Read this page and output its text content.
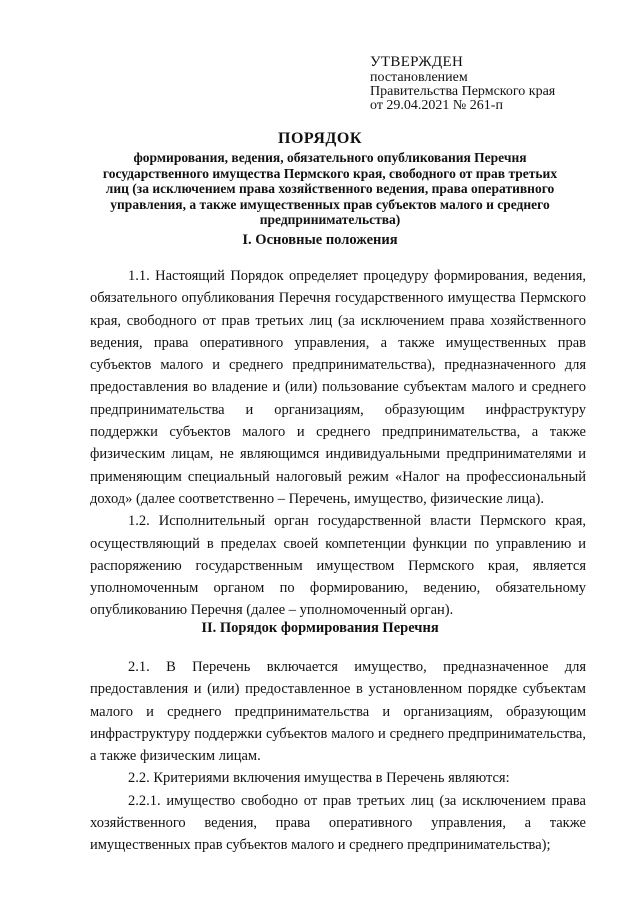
УТВЕРЖДЕН
постановлением
Правительства Пермского края
от 29.04.2021 № 261-п
ПОРЯДОК
формирования, ведения, обязательного опубликования Перечня государственного имущества Пермского края, свободного от прав третьих лиц (за исключением права хозяйственного ведения, права оперативного управления, а также имущественных прав субъектов малого и среднего предпринимательства)
I. Основные положения

1.1. Настоящий Порядок определяет процедуру формирования, ведения, обязательного опубликования Перечня государственного имущества Пермского края, свободного от прав третьих лиц (за исключением права хозяйственного ведения, права оперативного управления, а также имущественных прав субъектов малого и среднего предпринимательства), предназначенного для предоставления во владение и (или) пользование субъектам малого и среднего предпринимательства и организациям, образующим инфраструктуру поддержки субъектов малого и среднего предпринимательства, а также физическим лицам, не являющимся индивидуальными предпринимателями и применяющим специальный налоговый режим «Налог на профессиональный доход» (далее соответственно – Перечень, имущество, физические лица).

1.2. Исполнительный орган государственной власти Пермского края, осуществляющий в пределах своей компетенции функции по управлению и распоряжению государственным имуществом Пермского края, является уполномоченным органом по формированию, ведению, обязательному опубликованию Перечня (далее – уполномоченный орган).

II. Порядок формирования Перечня

2.1. В Перечень включается имущество, предназначенное для предоставления и (или) предоставленное в установленном порядке субъектам малого и среднего предпринимательства и организациям, образующим инфраструктуру поддержки субъектов малого и среднего предпринимательства, а также физическим лицам.

2.2. Критериями включения имущества в Перечень являются:

2.2.1. имущество свободно от прав третьих лиц (за исключением права хозяйственного ведения, права оперативного управления, а также имущественных прав субъектов малого и среднего предпринимательства);
